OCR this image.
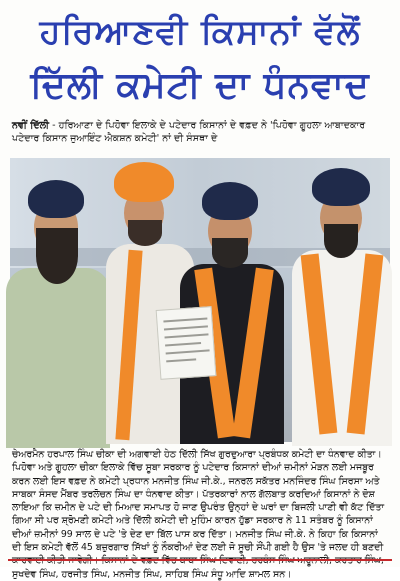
ਹਰਿਆਣਵੀ ਕਿਸਾਨਾਂ ਵੱਲੋਂ
ਦਿੱਲੀ ਕਮੇਟੀ ਦਾ ਧੰਨਵਾਦ
ਨਵੀਂ ਦਿੱਲੀ - ਹਰਿਆਣਾ ਦੇ ਪਿਹੋਵਾ ਇਲਾਕੇ ਦੇ ਪਟੇਦਾਰ ਕਿਸਾਨਾਂ ਦੇ ਵਫ਼ਦ ਨੇ 'ਪਿਹੋਵਾ ਗੂਹਲਾ ਆਬਾਦਕਾਰ ਪਟੇਦਾਰ ਕਿਸਾਨ ਜੁਆਇੰਟ ਐਕਸ਼ਨ ਕਮੇਟੀ' ਨਾਂ ਦੀ ਸੰਸਥਾ ਦੇ
ਚੇਅਰਮੈਨ ਹਰਪਾਲ ਸਿੰਘ ਚੀਕਾ ਦੀ ਅਗਵਾਈ ਹੇਠ ਦਿੱਲੀ ਸਿੱਖ ਗੁਰਦੁਆਰਾ ਪ੍ਰਬੰਧਕ ਕਮੇਟੀ ਦਾ ਧੰਨਵਾਦ ਕੀਤਾ। ਪਿਹੋਵਾ ਅਤੇ ਗੂਹਲਾ ਚੀਕਾ ਇਲਾਕੇ ਵਿੱਚ ਸੂਬਾ ਸਰਕਾਰ ਨੂੰ ਪਟੇਦਾਰ ਕਿਸਾਨਾਂ ਦੀਆਂ ਜ਼ਮੀਨਾਂ ਮੋੜਨ ਲਈ ਮਜਬੂਰ ਕਰਨ ਲਈ ਇਸ ਵਫ਼ਦ ਨੇ ਕਮੇਟੀ ਪ੍ਰਧਾਨ ਮਨਜੀਤ ਸਿੰਘ ਜੀ.ਕੇ., ਜਨਰਲ ਸਕੱਤਰ ਮਨਜਿੰਦਰ ਸਿੰਘ ਸਿਰਸਾ ਅਤੇ ਸਾਬਕਾ ਸੰਸਦ ਮੈਂਬਰ ਤਰਲੋਚਨ ਸਿੰਘ ਦਾ ਧੰਨਵਾਦ ਕੀਤਾ। ਪੱਤਰਕਾਰਾਂ ਨਾਲ ਗੱਲਬਾਤ ਕਰਦਿਆਂ ਕਿਸਾਨਾਂ ਨੇ ਦੋਸ਼ ਲਾਇਆ ਕਿ ਜ਼ਮੀਨ ਦੇ ਪਟੇ ਦੀ ਮਿਆਦ ਸਮਾਪਤ ਹੋ ਜਾਣ ਉਪਰੰਤ ਉਨ੍ਹਾਂ ਦੇ ਘਰਾਂ ਦਾ ਬਿਜਲੀ ਪਾਣੀ ਵੀ ਕੱਟ ਦਿੱਤਾ ਗਿਆ ਸੀ ਪਰ ਸ਼੍ਰੋਮਣੀ ਕਮੇਟੀ ਅਤੇ ਦਿੱਲੀ ਕਮੇਟੀ ਦੀ ਮੁਹਿੰਮ ਕਾਰਨ ਹੁੱਡਾ ਸਰਕਾਰ ਨੇ 11 ਸਤੰਬਰ ਨੂੰ ਕਿਸਾਨਾਂ ਦੀਆਂ ਜ਼ਮੀਨਾਂ 99 ਸਾਲ ਦੇ ਪਟੇ 'ਤੇ ਦੇਣ ਦਾ ਬਿੱਲ ਪਾਸ ਕਰ ਦਿੱਤਾ। ਮਨਜੀਤ ਸਿੰਘ ਜੀ.ਕੇ. ਨੇ ਕਿਹਾ ਕਿ ਕਿਸਾਨਾਂ ਦੀ ਇਸ ਕਮੇਟੀ ਵੱਲੋਂ 45 ਬਜ਼ੁਰਗਾਰ ਸਿੱਖਾਂ ਨੂੰ ਨੌਕਰੀਆਂ ਦੇਣ ਲਈ ਜੋ ਸੂਚੀ ਸੌਂਪੀ ਗਈ ਹੈ ਉਸ 'ਤੇ ਜਲਦ ਹੀ ਬਣਦੀ ਸੁਖਦੇਵ ਸਿੰਘ, ਹਰਜੀਤ ਸਿੰਘ, ਮਨਜੀਤ ਸਿੰਘ, ਸਾਹਿਬ ਸਿੰਘ ਸੰਧੂ ਆਦਿ ਸ਼ਾਮਲ ਸਨ।
